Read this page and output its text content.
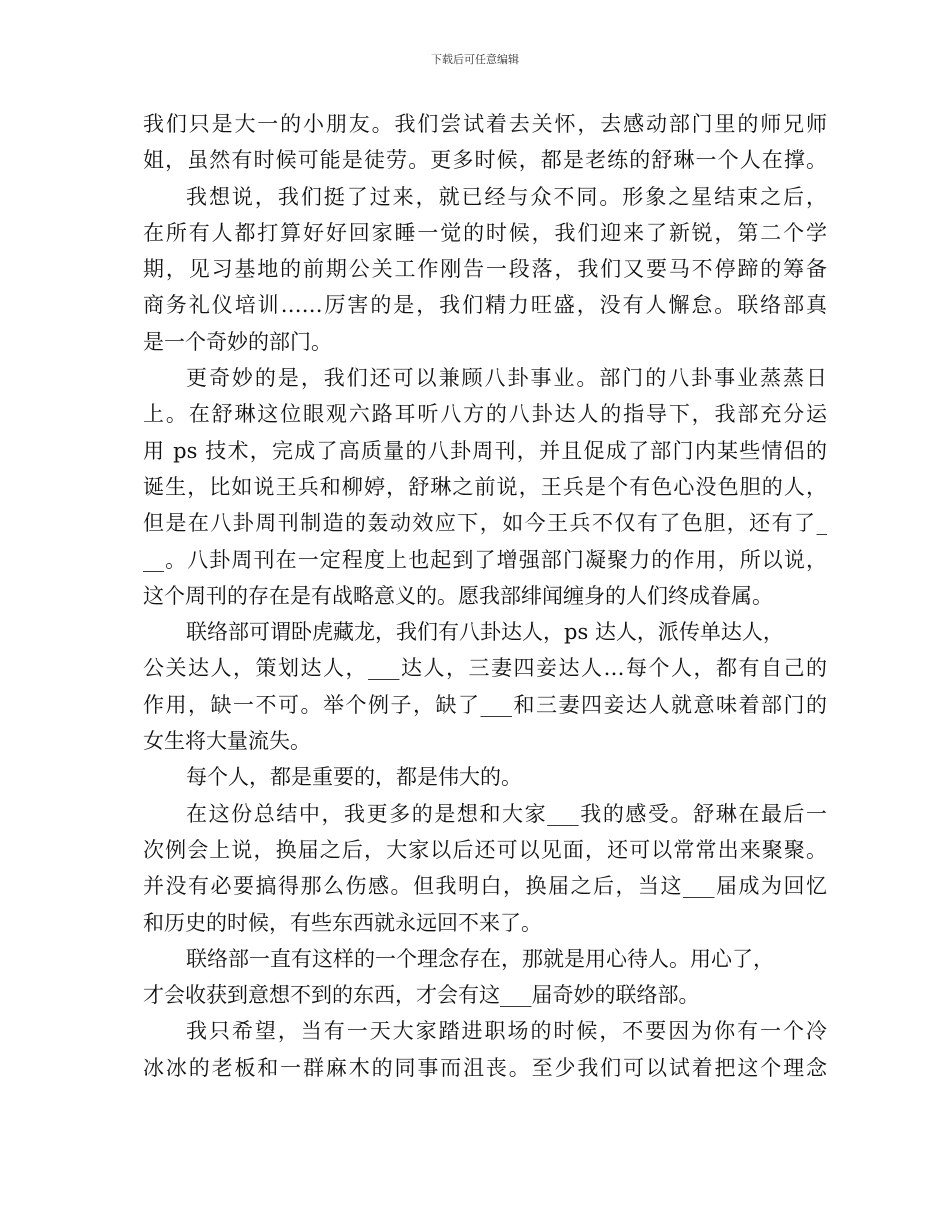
下载后可任意编辑
我们只是大一的小朋友。我们尝试着去关怀，去感动部门里的师兄师
姐，虽然有时候可能是徒劳。更多时候，都是老练的舒琳一个人在撑。
我想说，我们挺了过来，就已经与众不同。形象之星结束之后，
在所有人都打算好好回家睡一觉的时候，我们迎来了新锐，第二个学
期，见习基地的前期公关工作刚告一段落，我们又要马不停蹄的筹备
商务礼仪培训……厉害的是，我们精力旺盛，没有人懈怠。联络部真
是一个奇妙的部门。
更奇妙的是，我们还可以兼顾八卦事业。部门的八卦事业蒸蒸日
上。在舒琳这位眼观六路耳听八方的八卦达人的指导下，我部充分运
用 ps 技术，完成了高质量的八卦周刊，并且促成了部门内某些情侣的
诞生，比如说王兵和柳婷，舒琳之前说，王兵是个有色心没色胆的人，
但是在八卦周刊制造的轰动效应下，如今王兵不仅有了色胆，还有了_
__。八卦周刊在一定程度上也起到了增强部门凝聚力的作用，所以说，
这个周刊的存在是有战略意义的。愿我部绯闻缠身的人们终成眷属。
联络部可谓卧虎藏龙，我们有八卦达人，ps 达人，派传单达人，
公关达人，策划达人，___达人，三妻四妾达人…每个人，都有自己的
作用，缺一不可。举个例子，缺了___和三妻四妾达人就意味着部门的
女生将大量流失。
每个人，都是重要的，都是伟大的。
在这份总结中，我更多的是想和大家___我的感受。舒琳在最后一
次例会上说，换届之后，大家以后还可以见面，还可以常常出来聚聚。
并没有必要搞得那么伤感。但我明白，换届之后，当这___届成为回忆
和历史的时候，有些东西就永远回不来了。
联络部一直有这样的一个理念存在，那就是用心待人。用心了，
才会收获到意想不到的东西，才会有这___届奇妙的联络部。
我只希望，当有一天大家踏进职场的时候，不要因为你有一个冷
冰冰的老板和一群麻木的同事而沮丧。至少我们可以试着把这个理念
